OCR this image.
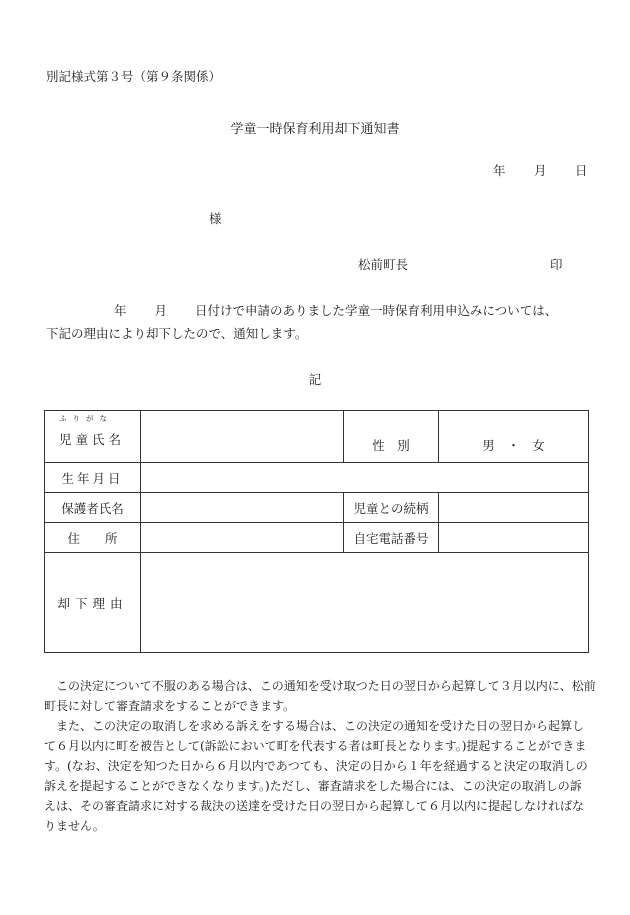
別記様式第３号（第９条関係）
学童一時保育利用却下通知書
年 月 日
様
松前町長	印
年 月 日付けで申請のありました学童一時保育利用申込みについては、
下記の理由により却下したので、通知します。
記
ふりがな
児童氏名		性　別	男　・　女
生年月日			
保護者氏名		児童との続柄	
住　　所		自宅電話番号	
却下理由			
この決定について不服のある場合は、この通知を受け取つた日の翌日から起算して３月以内に、松前町長に対して審査請求をすることができます。
また、この決定の取消しを求める訴えをする場合は、この決定の通知を受けた日の翌日から起算して６月以内に町を被告として(訴訟において町を代表する者は町長となります。)提起することができます。(なお、決定を知つた日から６月以内であつても、決定の日から１年を経過すると決定の取消しの訴えを提起することができなくなります。)ただし、審査請求をした場合には、この決定の取消しの訴えは、その審査請求に対する裁決の送達を受けた日の翌日から起算して６月以内に提起しなければなりません。
